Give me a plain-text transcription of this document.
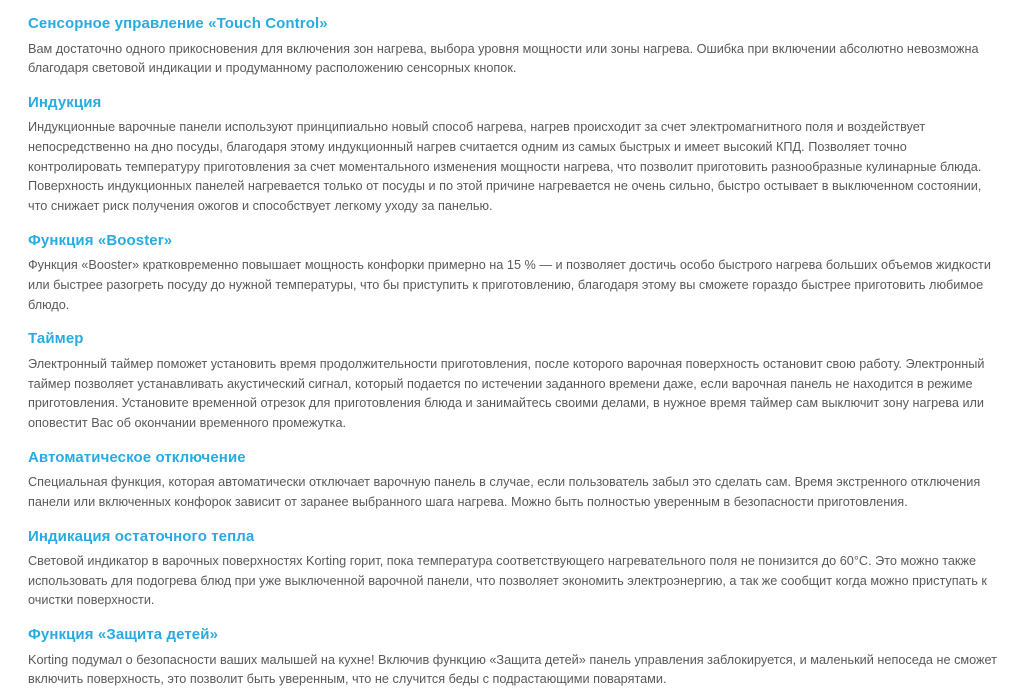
Сенсорное управление «Touch Control»

Вам достаточно одного прикосновения для включения зон нагрева, выбора уровня мощности или зоны нагрева. Ошибка при включении абсолютно невозможна благодаря световой индикации и продуманному расположению сенсорных кнопок.

Индукция

Индукционные варочные панели используют принципиально новый способ нагрева, нагрев происходит за счет электромагнитного поля и воздействует непосредственно на дно посуды, благодаря этому индукционный нагрев считается одним из самых быстрых и имеет высокий КПД. Позволяет точно контролировать температуру приготовления за счет моментального изменения мощности нагрева, что позволит приготовить разнообразные кулинарные блюда. Поверхность индукционных панелей нагревается только от посуды и по этой причине нагревается не очень сильно, быстро остывает в выключенном состоянии, что снижает риск получения ожогов и способствует легкому уходу за панелью.

Функция «Booster»

Функция «Booster» кратковременно повышает мощность конфорки примерно на 15 % — и позволяет достичь особо быстрого нагрева больших объемов жидкости или быстрее разогреть посуду до нужной температуры, что бы приступить к приготовлению, благодаря этому вы сможете гораздо быстрее приготовить любимое блюдо.

Таймер

Электронный таймер поможет установить время продолжительности приготовления, после которого варочная поверхность остановит свою работу. Электронный таймер позволяет устанавливать акустический сигнал, который подается по истечении заданного времени даже, если варочная панель не находится в режиме приготовления. Установите временной отрезок для приготовления блюда и занимайтесь своими делами, в нужное время таймер сам выключит зону нагрева или оповестит Вас об окончании временного промежутка.

Автоматическое отключение

Специальная функция, которая автоматически отключает варочную панель в случае, если пользователь забыл это сделать сам. Время экстренного отключения панели или включенных конфорок зависит от заранее выбранного шага нагрева. Можно быть полностью уверенным в безопасности приготовления.

Индикация остаточного тепла

Световой индикатор в варочных поверхностях Korting горит, пока температура соответствующего нагревательного поля не понизится до 60°С. Это можно также использовать для подогрева блюд при уже выключенной варочной панели, что позволяет экономить электроэнергию, а так же сообщит когда можно приступать к очистки поверхности.

Функция «Защита детей»

Korting подумал о безопасности ваших малышей на кухне! Включив функцию «Защита детей» панель управления заблокируется, и маленький непоседа не сможет включить поверхность, это позволит быть уверенным, что не случится беды с подрастающими поварятами.
